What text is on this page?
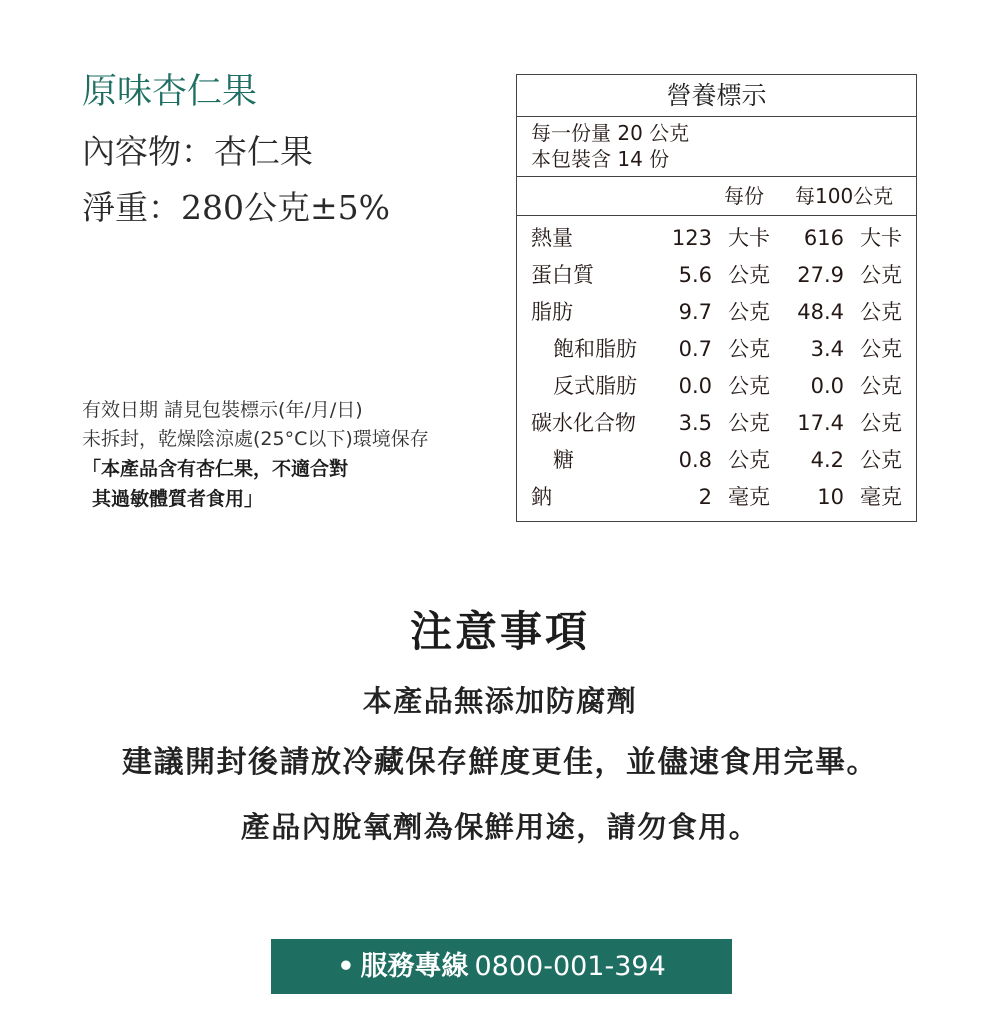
原味杏仁果
內容物：杏仁果
淨重：280公克±5%
有效日期 請見包裝標示(年/月/日)
未拆封，乾燥陰涼處(25°C以下)環境保存
「本產品含有杏仁果，不適合對
其過敏體質者食用」
營養標示
每一份量 20 公克
本包裝含 14 份
每份 每100公克
熱量	123 大卡 616 大卡
蛋白質	5.6 公克 27.9 公克
脂肪	9.7 公克 48.4 公克
飽和脂肪 0.7 公克 3.4 公克
反式脂肪 0.0 公克 0.0 公克
碳水化合物 3.5 公克 17.4 公克
糖	0.8 公克 4.2 公克
鈉	2 毫克 10 毫克
注意事項
本產品無添加防腐劑
建議開封後請放冷藏保存鮮度更佳，並儘速食用完畢。
產品內脫氧劑為保鮮用途，請勿食用。
• 服務專線 0800-001-394
